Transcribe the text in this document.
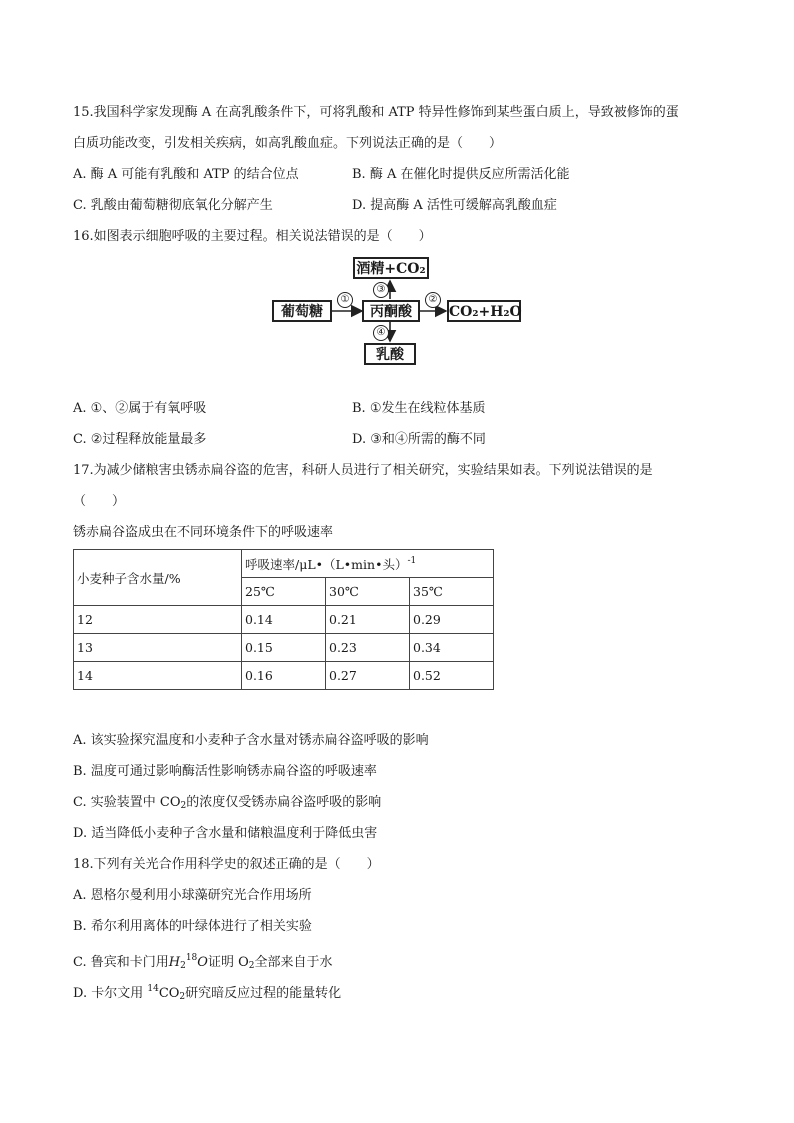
15.我国科学家发现酶 A 在高乳酸条件下，可将乳酸和 ATP 特异性修饰到某些蛋白质上，导致被修饰的蛋
白质功能改变，引发相关疾病，如高乳酸血症。下列说法正确的是（　　）
A. 酶 A 可能有乳酸和 ATP 的结合位点	B. 酶 A 在催化时提供反应所需活化能
C. 乳酸由葡萄糖彻底氧化分解产生	D. 提高酶 A 活性可缓解高乳酸血症
16.如图表示细胞呼吸的主要过程。相关说法错误的是（　　）
酒精+CO₂
葡萄糖	丙酮酸	CO₂+H₂O
乳酸
①	②
③
④
A. ①、②属于有氧呼吸	B. ①发生在线粒体基质
C. ②过程释放能量最多	D. ③和④所需的酶不同
17.为减少储粮害虫锈赤扁谷盗的危害，科研人员进行了相关研究，实验结果如表。下列说法错误的是
（　　）
锈赤扁谷盗成虫在不同环境条件下的呼吸速率
小麦种子含水量/%	呼吸速率/μL•（L•min•头）$^{-1}$
	25℃	30℃	35℃
12	0.14	0.21	0.29
13	0.15	0.23	0.34
14	0.16	0.27	0.52
A. 该实验探究温度和小麦种子含水量对锈赤扁谷盗呼吸的影响
B. 温度可通过影响酶活性影响锈赤扁谷盗的呼吸速率
C. 实验装置中 $CO_2$的浓度仅受锈赤扁谷盗呼吸的影响
D. 适当降低小麦种子含水量和储粮温度利于降低虫害
18.下列有关光合作用科学史的叙述正确的是（　　）
A. 恩格尔曼利用小球藻研究光合作用场所
B. 希尔利用离体的叶绿体进行了相关实验
C. 鲁宾和卡门用$H_2^{18}O$证明 $O_2$全部来自于水
D. 卡尔文用 $^{14}CO_2$研究暗反应过程的能量转化
